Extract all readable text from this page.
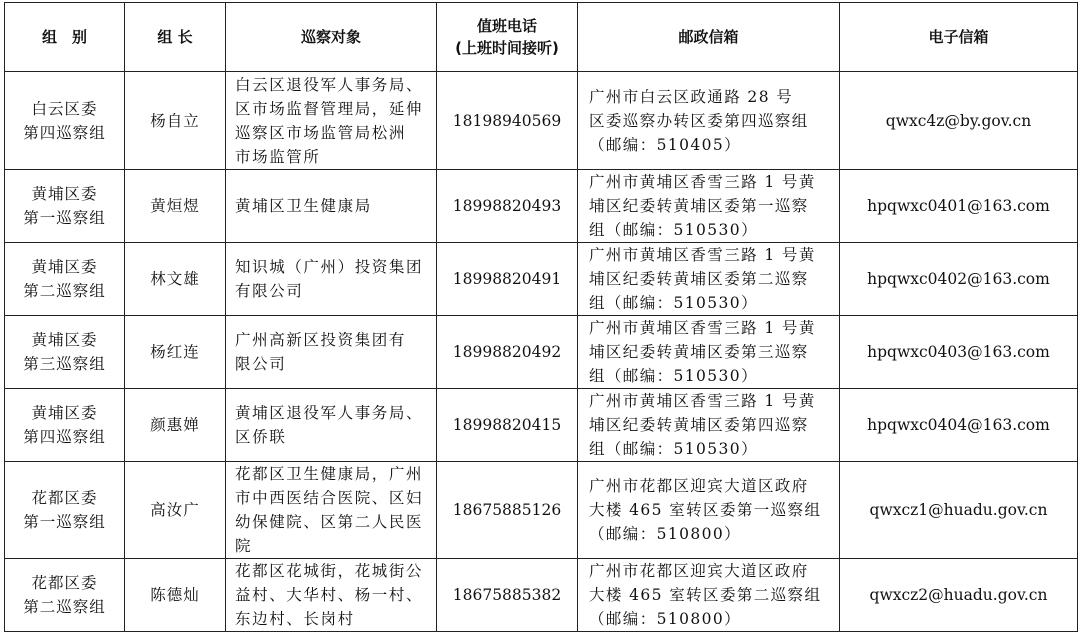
组　别	组 长	巡察对象	值班电话
(上班时间接听)	邮政信箱	电子信箱

白云区委
第四巡察组	杨自立	白云区退役军人事务局、
区市场监督管理局，延伸
巡察区市场监管局松洲
市场监管所	18198940569	广州市白云区政通路 28 号
区委巡察办转区委第四巡察组
（邮编：510405）	qwxc4z@by.gov.cn

黄埔区委
第一巡察组	黄烜煜	黄埔区卫生健康局	18998820493	广州市黄埔区香雪三路 1 号黄
埔区纪委转黄埔区委第一巡察
组（邮编：510530）	hpqwxc0401@163.com

黄埔区委
第二巡察组	林文雄	知识城（广州）投资集团
有限公司	18998820491	广州市黄埔区香雪三路 1 号黄
埔区纪委转黄埔区委第二巡察
组（邮编：510530）	hpqwxc0402@163.com

黄埔区委
第三巡察组	杨红连	广州高新区投资集团有
限公司	18998820492	广州市黄埔区香雪三路 1 号黄
埔区纪委转黄埔区委第三巡察
组（邮编：510530）	hpqwxc0403@163.com

黄埔区委
第四巡察组	颜惠婵	黄埔区退役军人事务局、
区侨联	18998820415	广州市黄埔区香雪三路 1 号黄
埔区纪委转黄埔区委第四巡察
组（邮编：510530）	hpqwxc0404@163.com

花都区委
第一巡察组	高汝广	花都区卫生健康局，广州
市中西医结合医院、区妇
幼保健院、区第二人民医
院	18675885126	广州市花都区迎宾大道区政府
大楼 465 室转区委第一巡察组
（邮编：510800）	qwxcz1@huadu.gov.cn

花都区委
第二巡察组	陈德灿	花都区花城街，花城街公
益村、大华村、杨一村、
东边村、长岗村	18675885382	广州市花都区迎宾大道区政府
大楼 465 室转区委第二巡察组
（邮编：510800）	qwxcz2@huadu.gov.cn
